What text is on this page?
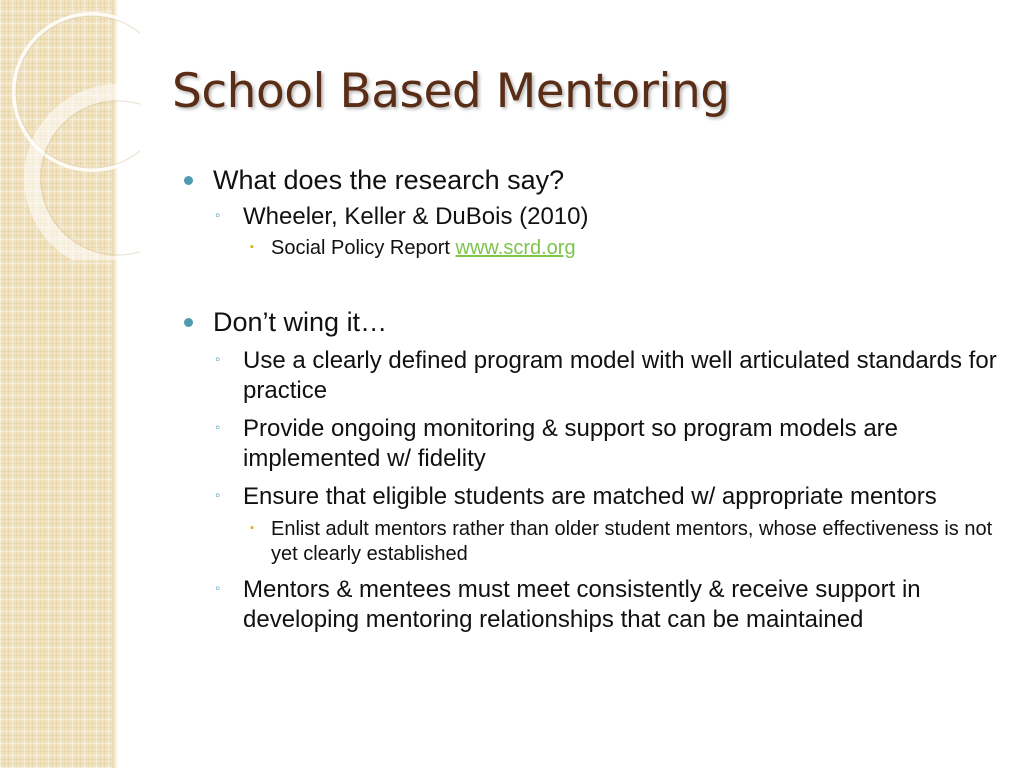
School Based Mentoring
What does the research say?
◦ Wheeler, Keller & DuBois (2010)
▪ Social Policy Report www.scrd.org
Don’t wing it…
◦ Use a clearly defined program model with well articulated standards for practice
◦ Provide ongoing monitoring & support so program models are implemented w/ fidelity
◦ Ensure that eligible students are matched w/ appropriate mentors
▪ Enlist adult mentors rather than older student mentors, whose effectiveness is not yet clearly established
◦ Mentors & mentees must meet consistently & receive support in developing mentoring relationships that can be maintained
